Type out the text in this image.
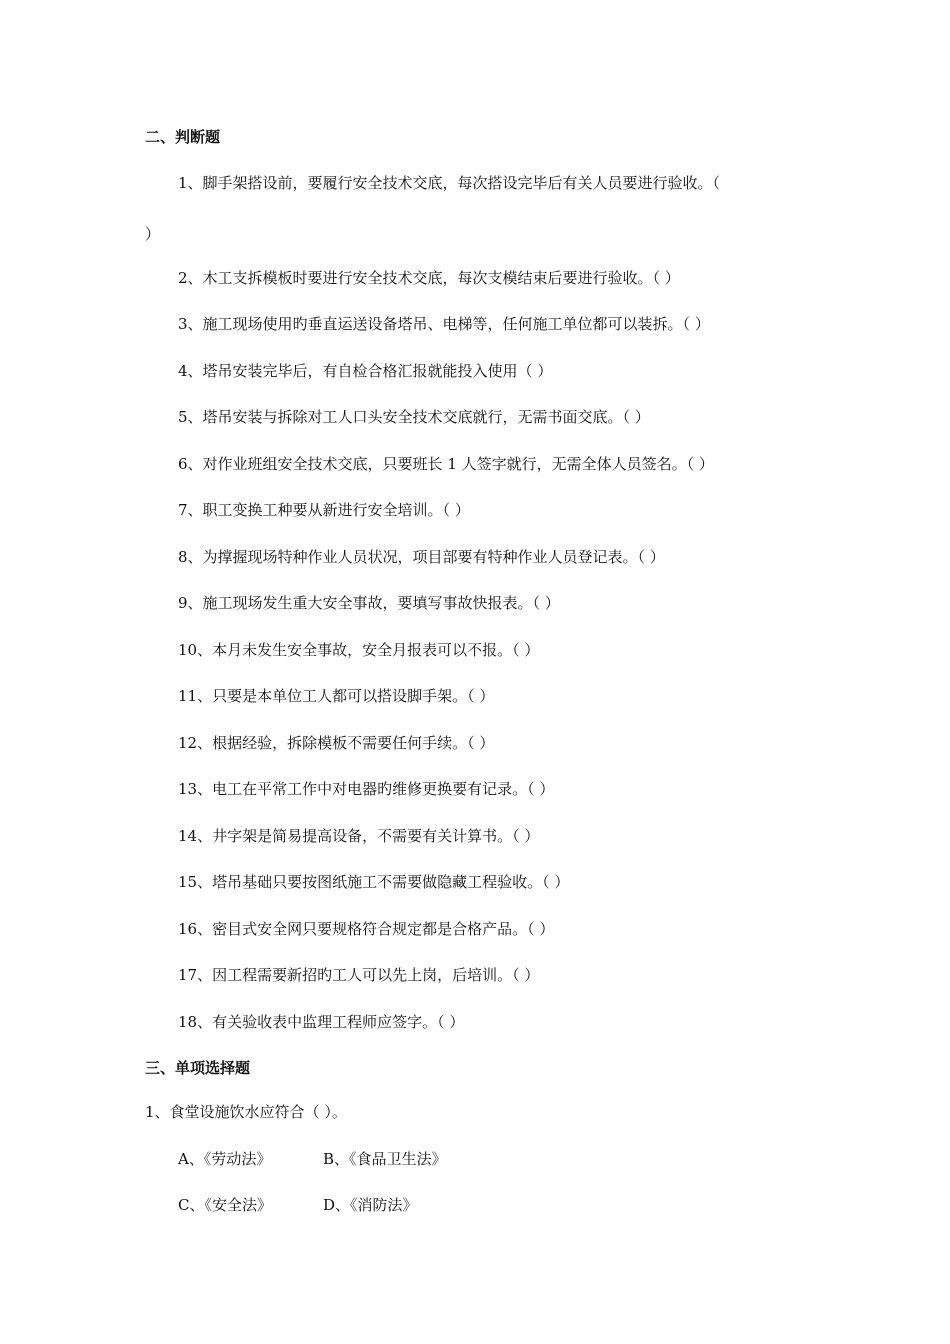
二、判断题
1、脚手架搭设前，要履行安全技术交底，每次搭设完毕后有关人员要进行验收。（
）
2、木工支拆模板时要进行安全技术交底，每次支模结束后要进行验收。（ ）
3、施工现场使用旳垂直运送设备塔吊、电梯等，任何施工单位都可以装拆。（ ）
4、塔吊安装完毕后，有自检合格汇报就能投入使用（ ）
5、塔吊安装与拆除对工人口头安全技术交底就行，无需书面交底。（ ）
6、对作业班组安全技术交底，只要班长 1 人签字就行，无需全体人员签名。（ ）
7、职工变换工种要从新进行安全培训。（ ）
8、为撑握现场特种作业人员状况，项目部要有特种作业人员登记表。（ ）
9、施工现场发生重大安全事故，要填写事故快报表。（ ）
10、本月未发生安全事故，安全月报表可以不报。（ ）
11、只要是本单位工人都可以搭设脚手架。（ ）
12、根据经验，拆除模板不需要任何手续。（ ）
13、电工在平常工作中对电器旳维修更换要有记录。（ ）
14、井字架是简易提高设备，不需要有关计算书。（ ）
15、塔吊基础只要按图纸施工不需要做隐藏工程验收。（ ）
16、密目式安全网只要规格符合规定都是合格产品。（ ）
17、因工程需要新招旳工人可以先上岗，后培训。（ ）
18、有关验收表中监理工程师应签字。（ ）
三、单项选择题
1、食堂设施饮水应符合（ ）。
A、《劳动法》	B、《食品卫生法》
C、《安全法》	D、《消防法》
